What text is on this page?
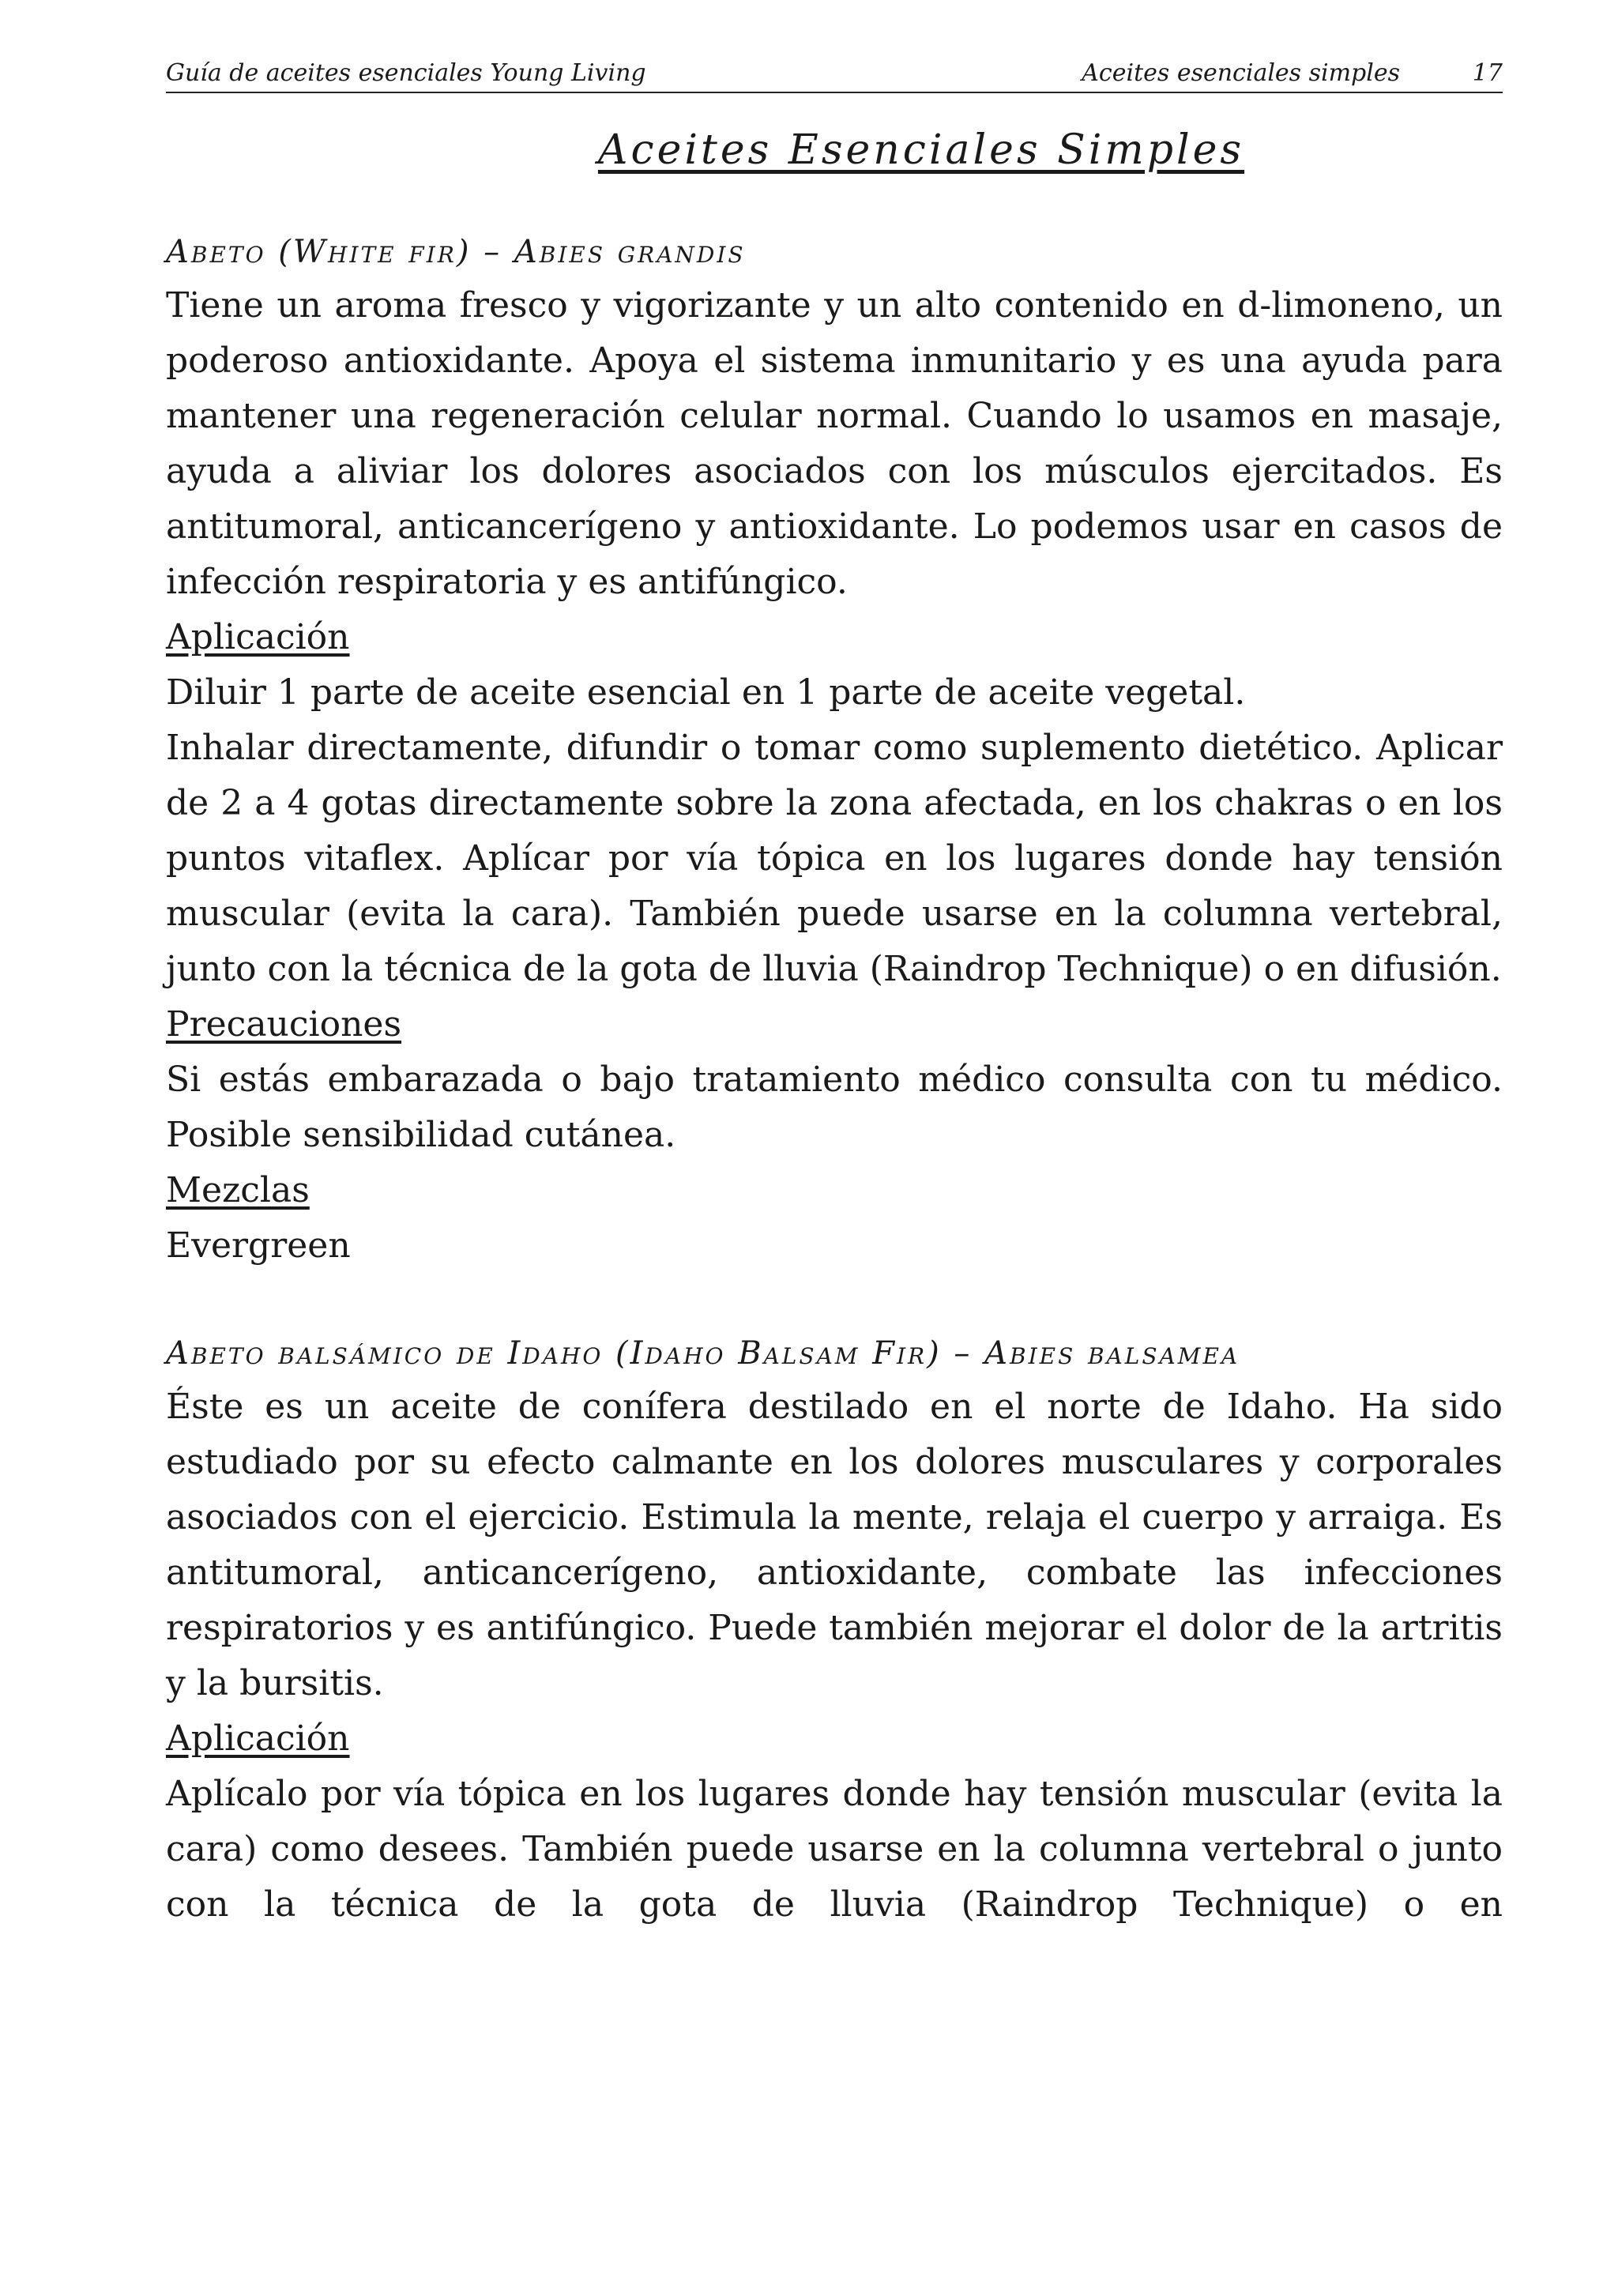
Guía de aceites esenciales Young Living	Aceites esenciales simples	17
Aceites Esenciales Simples

Abeto (White fir) – Abies grandis

Tiene un aroma fresco y vigorizante y un alto contenido en d-limoneno, un poderoso antioxidante. Apoya el sistema inmunitario y es una ayuda para mantener una regeneración celular normal. Cuando lo usamos en masaje, ayuda a aliviar los dolores asociados con los músculos ejercitados. Es antitumoral, anticancerígeno y antioxidante. Lo podemos usar en casos de infección respiratoria y es antifúngico.

Aplicación

Diluir 1 parte de aceite esencial en 1 parte de aceite vegetal.

Inhalar directamente, difundir o tomar como suplemento dietético. Aplicar de 2 a 4 gotas directamente sobre la zona afectada, en los chakras o en los puntos vitaflex. Aplícar por vía tópica en los lugares donde hay tensión muscular (evita la cara). También puede usarse en la columna vertebral, junto con la técnica de la gota de lluvia (Raindrop Technique) o en difusión.

Precauciones

Si estás embarazada o bajo tratamiento médico consulta con tu médico. Posible sensibilidad cutánea.

Mezclas

Evergreen

Abeto balsámico de Idaho (Idaho Balsam Fir) – Abies balsamea

Éste es un aceite de conífera destilado en el norte de Idaho. Ha sido estudiado por su efecto calmante en los dolores musculares y corporales asociados con el ejercicio. Estimula la mente, relaja el cuerpo y arraiga. Es antitumoral, anticancerígeno, antioxidante, combate las infecciones respiratorios y es antifúngico. Puede también mejorar el dolor de la artritis y la bursitis.

Aplicación

Aplícalo por vía tópica en los lugares donde hay tensión muscular (evita la cara) como desees. También puede usarse en la columna vertebral o junto con la técnica de la gota de lluvia (Raindrop Technique) o en
